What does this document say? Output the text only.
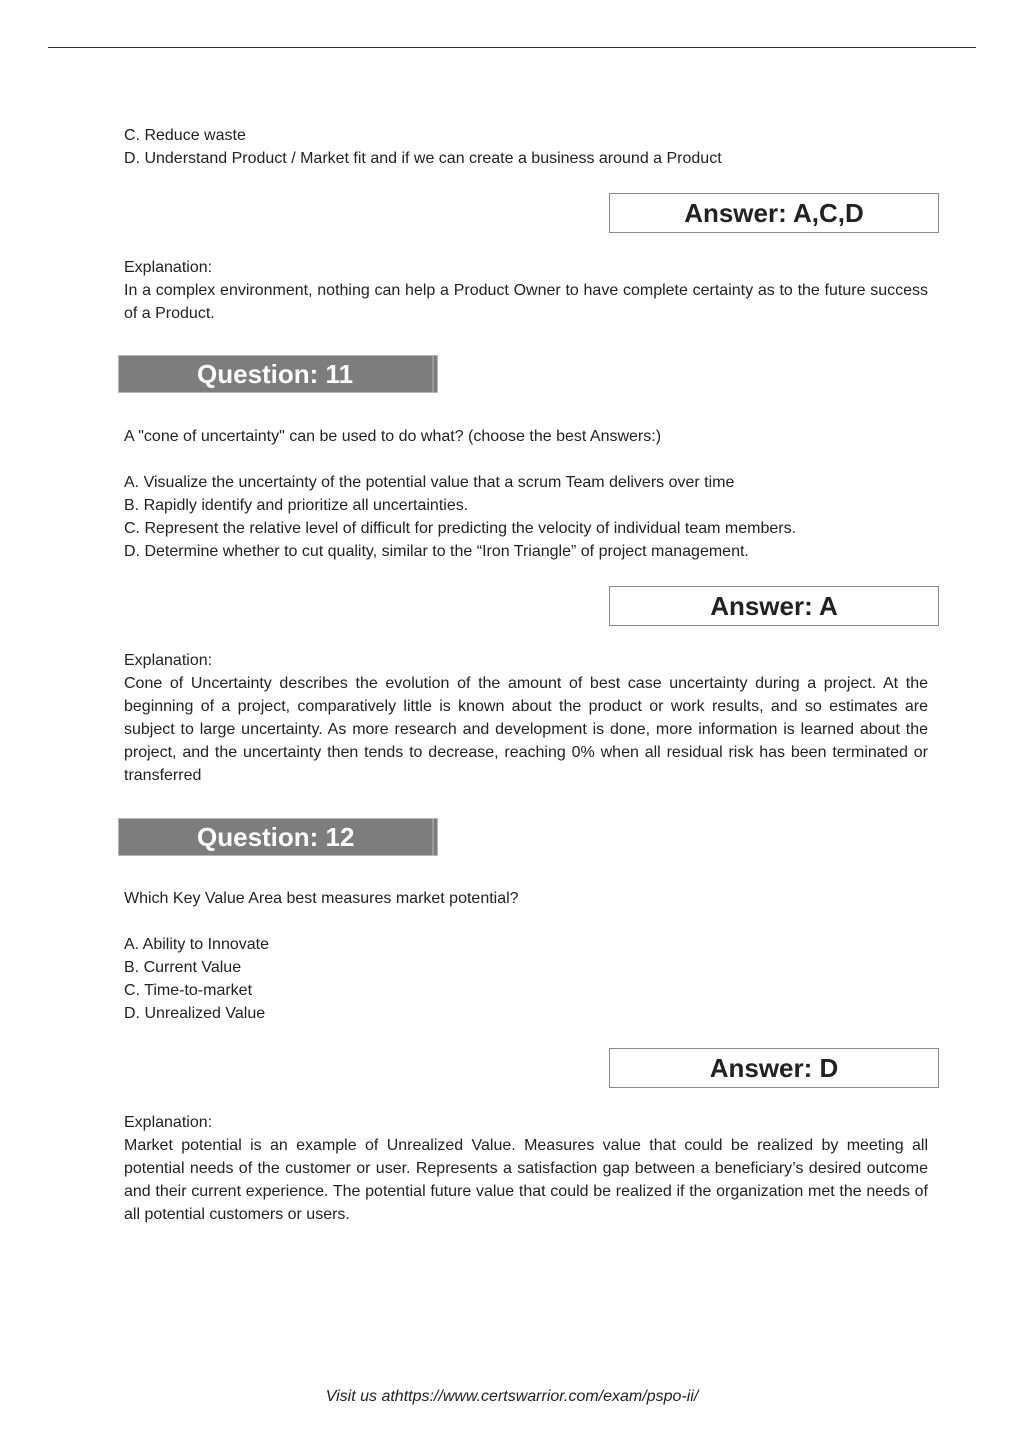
C. Reduce waste
D. Understand Product / Market fit and if we can create a business around a Product
Answer: A,C,D
Explanation:
In a complex environment, nothing can help a Product Owner to have complete certainty as to the future success of a Product.
Question: 11
A "cone of uncertainty" can be used to do what? (choose the best Answers:)
A. Visualize the uncertainty of the potential value that a scrum Team delivers over time
B. Rapidly identify and prioritize all uncertainties.
C. Represent the relative level of difficult for predicting the velocity of individual team members.
D. Determine whether to cut quality, similar to the “Iron Triangle” of project management.
Answer: A
Explanation:
Cone of Uncertainty describes the evolution of the amount of best case uncertainty during a project. At the beginning of a project, comparatively little is known about the product or work results, and so estimates are subject to large uncertainty. As more research and development is done, more information is learned about the project, and the uncertainty then tends to decrease, reaching 0% when all residual risk has been terminated or transferred
Question: 12
Which Key Value Area best measures market potential?
A. Ability to Innovate
B. Current Value
C. Time-to-market
D. Unrealized Value
Answer: D
Explanation:
Market potential is an example of Unrealized Value. Measures value that could be realized by meeting all potential needs of the customer or user. Represents a satisfaction gap between a beneficiary’s desired outcome and their current experience. The potential future value that could be realized if the organization met the needs of all potential customers or users.
Visit us athttps://www.certswarrior.com/exam/pspo-ii/
